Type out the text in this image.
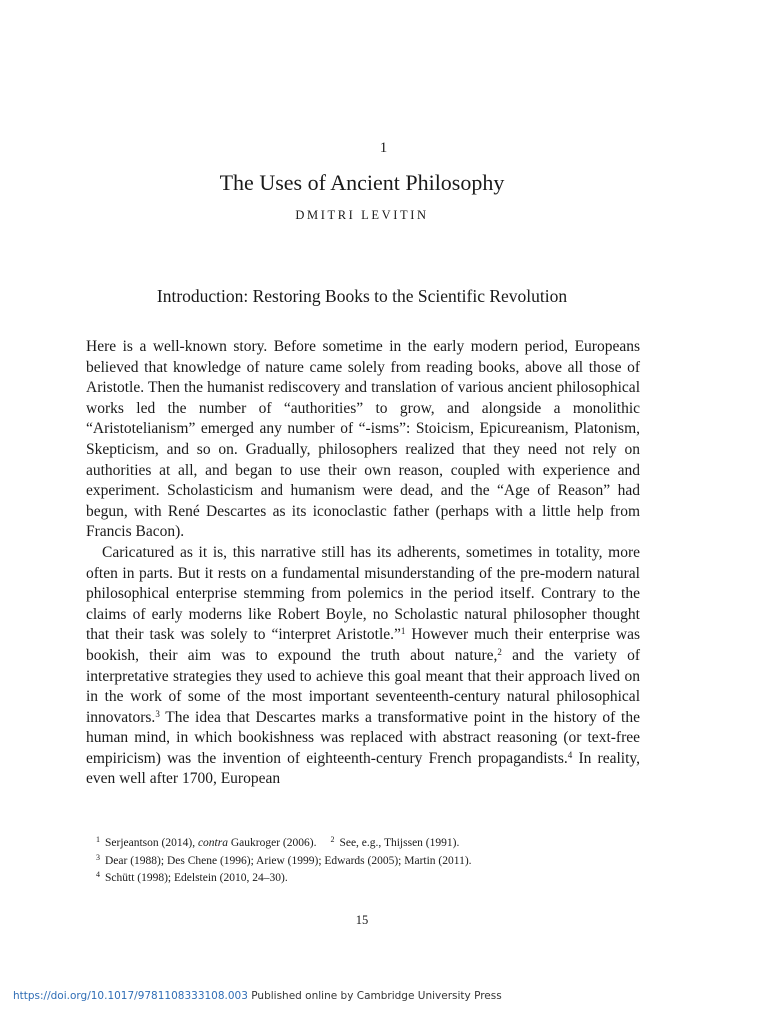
1
The Uses of Ancient Philosophy
DMITRI LEVITIN
Introduction: Restoring Books to the Scientific Revolution

Here is a well-known story. Before sometime in the early modern period, Europeans believed that knowledge of nature came solely from reading books, above all those of Aristotle. Then the humanist rediscovery and translation of various ancient philosophical works led the number of “authorities” to grow, and alongside a monolithic “Aristotelianism” emerged any number of “-isms”: Stoicism, Epicureanism, Platonism, Skepticism, and so on. Gradually, philosophers realized that they need not rely on authorities at all, and began to use their own reason, coupled with experience and experiment. Scholasticism and humanism were dead, and the “Age of Reason” had begun, with René Descartes as its iconoclastic father (perhaps with a little help from Francis Bacon).

Caricatured as it is, this narrative still has its adherents, sometimes in totality, more often in parts. But it rests on a fundamental misunderstanding of the pre-modern natural philosophical enterprise stemming from polemics in the period itself. Contrary to the claims of early moderns like Robert Boyle, no Scholastic natural philosopher thought that their task was solely to “interpret Aristotle.”$^1$ However much their enterprise was bookish, their aim was to expound the truth about nature,$^2$ and the variety of interpretative strategies they used to achieve this goal meant that their approach lived on in the work of some of the most important seventeenth-century natural philosophical innovators.$^3$ The idea that Descartes marks a transformative point in the history of the human mind, in which bookishness was replaced with abstract reasoning (or text-free empiricism) was the invention of eighteenth-century French propagandists.$^4$ In reality, even well after 1700, European

$^1$ Serjeantson (2014), contra Gaukroger (2006). $^2$ See, e.g., Thijssen (1991).
$^3$ Dear (1988); Des Chene (1996); Ariew (1999); Edwards (2005); Martin (2011).
$^4$ Schütt (1998); Edelstein (2010, 24–30).
15
https://doi.org/10.1017/9781108333108.003 Published online by Cambridge University Press
